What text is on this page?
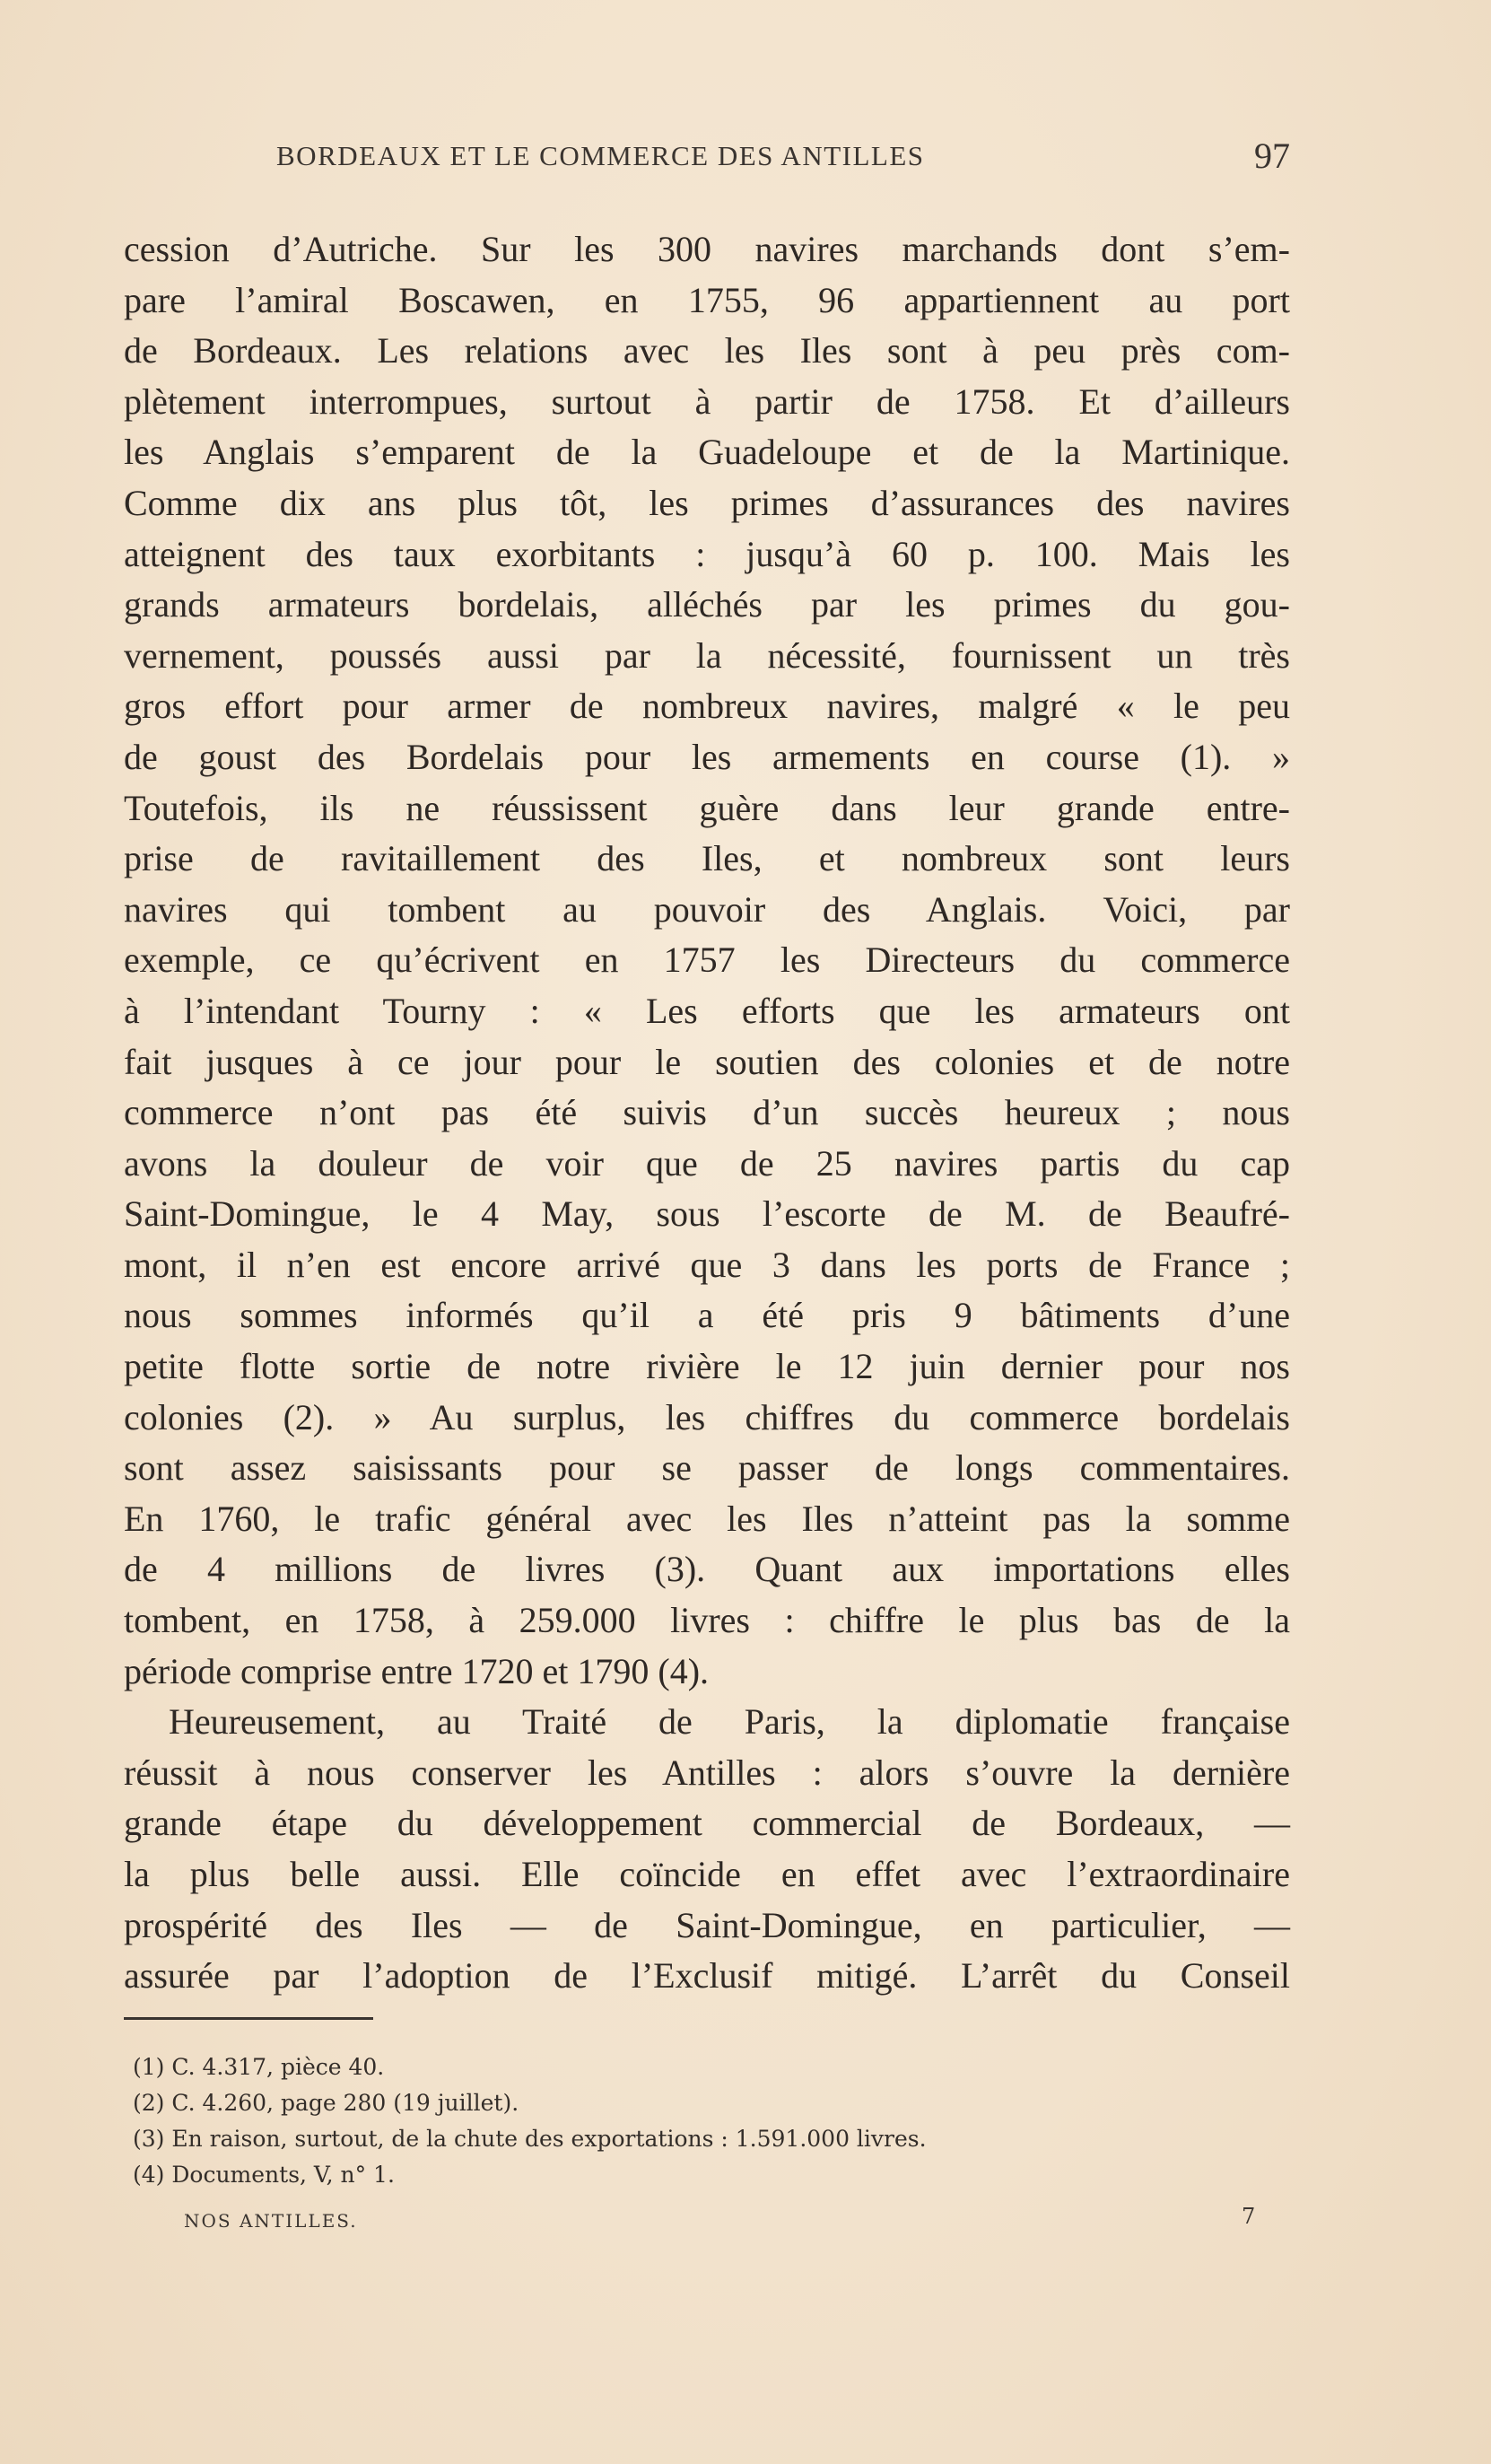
BORDEAUX ET LE COMMERCE DES ANTILLES	97
cession d’Autriche. Sur les 300 navires marchands dont s’em-
pare l’amiral Boscawen, en 1755, 96 appartiennent au port
de Bordeaux. Les relations avec les Iles sont à peu près com-
plètement interrompues, surtout à partir de 1758. Et d’ailleurs
les Anglais s’emparent de la Guadeloupe et de la Martinique.
Comme dix ans plus tôt, les primes d’assurances des navires
atteignent des taux exorbitants : jusqu’à 60 p. 100. Mais les
grands armateurs bordelais, alléchés par les primes du gou-
vernement, poussés aussi par la nécessité, fournissent un très
gros effort pour armer de nombreux navires, malgré « le peu
de goust des Bordelais pour les armements en course (1). »
Toutefois, ils ne réussissent guère dans leur grande entre-
prise de ravitaillement des Iles, et nombreux sont leurs
navires qui tombent au pouvoir des Anglais. Voici, par
exemple, ce qu’écrivent en 1757 les Directeurs du commerce
à l’intendant Tourny : « Les efforts que les armateurs ont
fait jusques à ce jour pour le soutien des colonies et de notre
commerce n’ont pas été suivis d’un succès heureux ; nous
avons la douleur de voir que de 25 navires partis du cap
Saint-Domingue, le 4 May, sous l’escorte de M. de Beaufré-
mont, il n’en est encore arrivé que 3 dans les ports de France ;
nous sommes informés qu’il a été pris 9 bâtiments d’une
petite flotte sortie de notre rivière le 12 juin dernier pour nos
colonies (2). » Au surplus, les chiffres du commerce bordelais
sont assez saisissants pour se passer de longs commentaires.
En 1760, le trafic général avec les Iles n’atteint pas la somme
de 4 millions de livres (3). Quant aux importations elles
tombent, en 1758, à 259.000 livres : chiffre le plus bas de la
période comprise entre 1720 et 1790 (4).
Heureusement, au Traité de Paris, la diplomatie française
réussit à nous conserver les Antilles : alors s’ouvre la dernière
grande étape du développement commercial de Bordeaux, —
la plus belle aussi. Elle coïncide en effet avec l’extraordinaire
prospérité des Iles — de Saint-Domingue, en particulier, —
assurée par l’adoption de l’Exclusif mitigé. L’arrêt du Conseil
(1) C. 4.317, pièce 40.
(2) C. 4.260, page 280 (19 juillet).
(3) En raison, surtout, de la chute des exportations : 1.591.000 livres.
(4) Documents, V, n° 1.
NOS ANTILLES.	7
